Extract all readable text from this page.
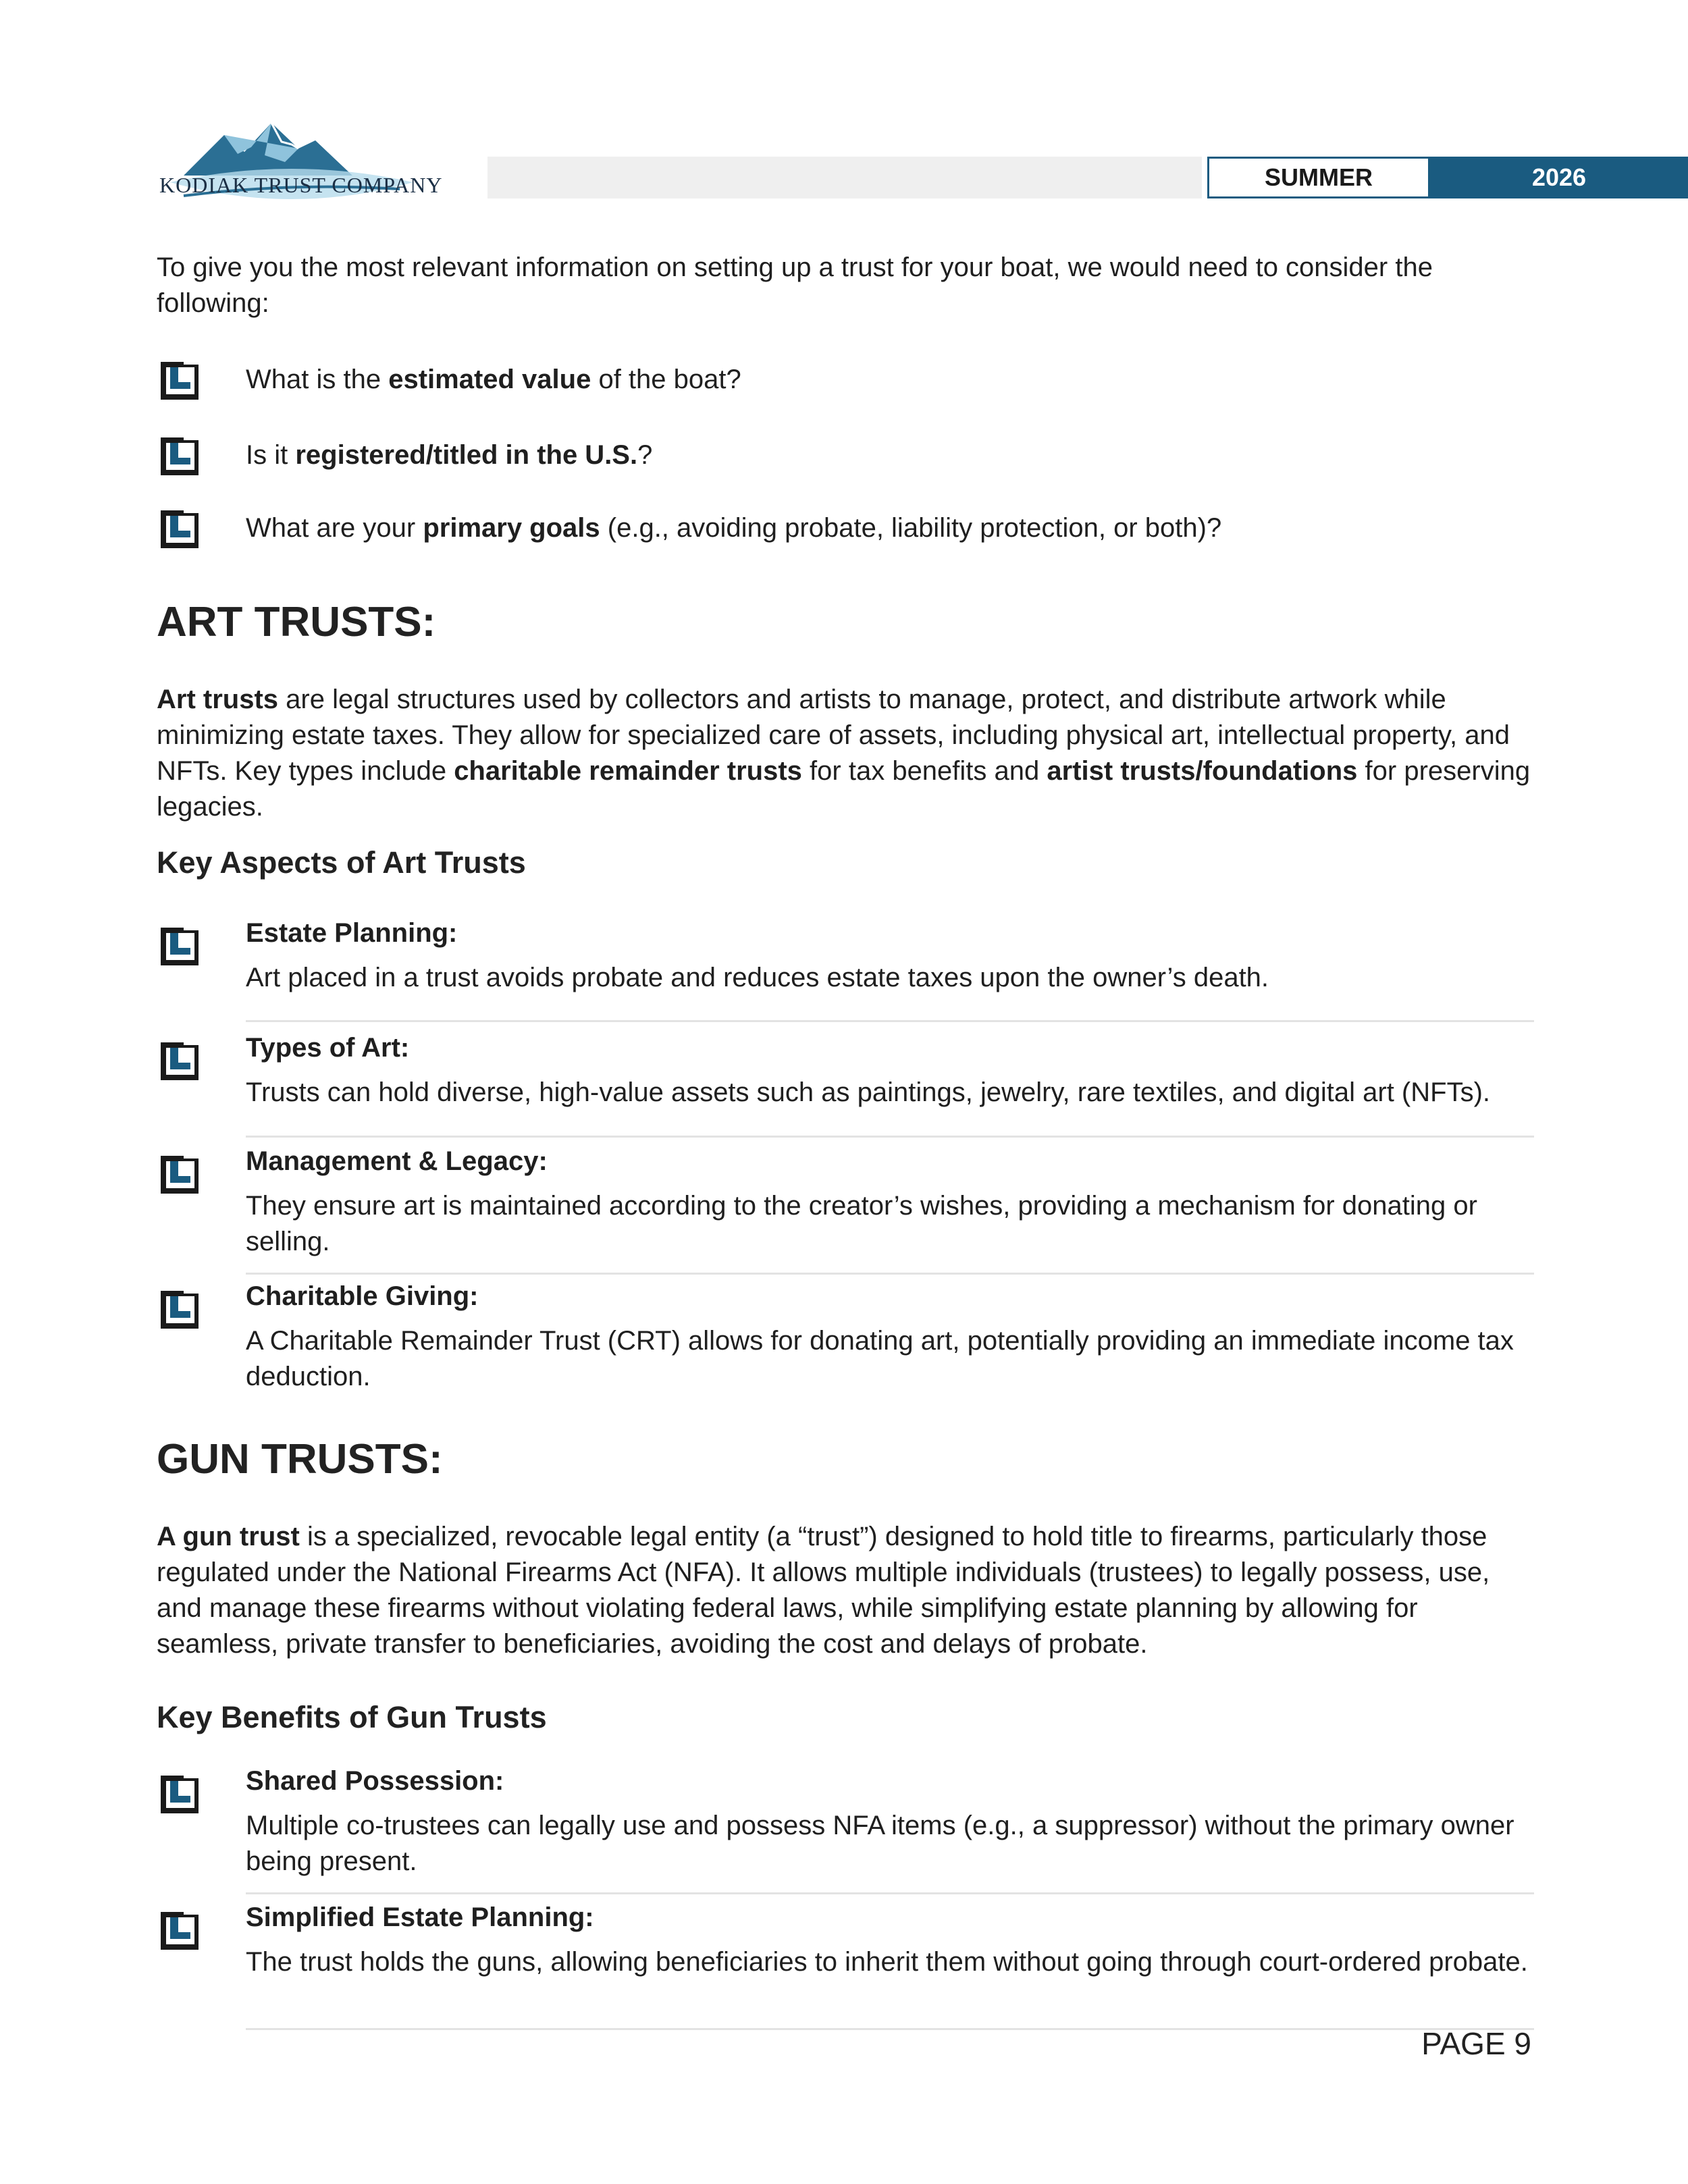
KODIAK TRUST COMPANY	SUMMER	2026

To give you the most relevant information on setting up a trust for your boat, we would need to consider the following:

What is the estimated value of the boat?
Is it registered/titled in the U.S.?
What are your primary goals (e.g., avoiding probate, liability protection, or both)?
ART TRUSTS:

Art trusts are legal structures used by collectors and artists to manage, protect, and distribute artwork while minimizing estate taxes. They allow for specialized care of assets, including physical art, intellectual property, and NFTs. Key types include charitable remainder trusts for tax benefits and artist trusts/foundations for preserving legacies.

Key Aspects of Art Trusts
Estate Planning:
Art placed in a trust avoids probate and reduces estate taxes upon the owner’s death.
Types of Art:
Trusts can hold diverse, high-value assets such as paintings, jewelry, rare textiles, and digital art (NFTs).
Management & Legacy:
They ensure art is maintained according to the creator’s wishes, providing a mechanism for donating or selling.
Charitable Giving:
A Charitable Remainder Trust (CRT) allows for donating art, potentially providing an immediate income tax deduction.
GUN TRUSTS:

A gun trust is a specialized, revocable legal entity (a “trust”) designed to hold title to firearms, particularly those regulated under the National Firearms Act (NFA). It allows multiple individuals (trustees) to legally possess, use, and manage these firearms without violating federal laws, while simplifying estate planning by allowing for seamless, private transfer to beneficiaries, avoiding the cost and delays of probate.

Key Benefits of Gun Trusts
Shared Possession:
Multiple co-trustees can legally use and possess NFA items (e.g., a suppressor) without the primary owner being present.
Simplified Estate Planning:
The trust holds the guns, allowing beneficiaries to inherit them without going through court-ordered probate.
PAGE 9
